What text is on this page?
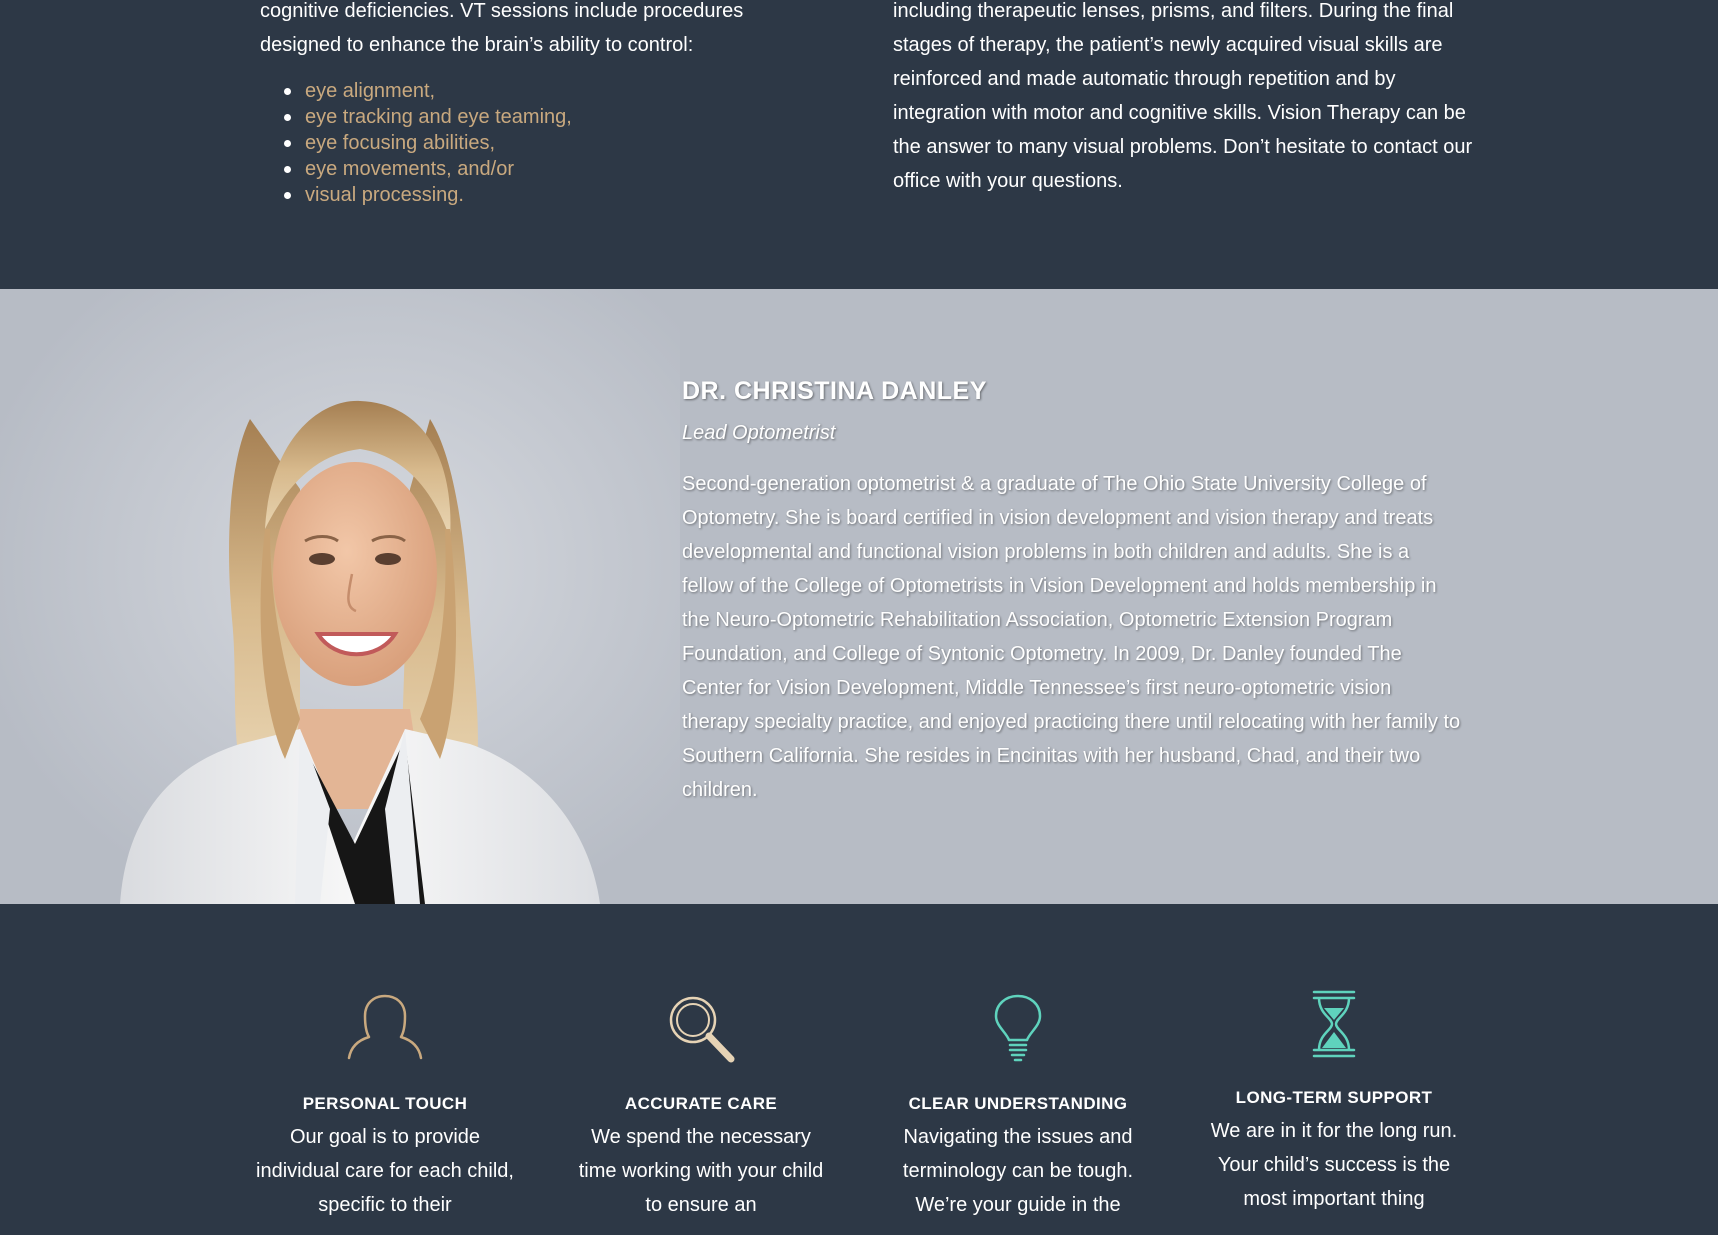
cognitive deficiencies. VT sessions include procedures designed to enhance the brain’s ability to control:

eye alignment,
eye tracking and eye teaming,
eye focusing abilities,
eye movements, and/or
visual processing.

including therapeutic lenses, prisms, and filters. During the final stages of therapy, the patient’s newly acquired visual skills are reinforced and made automatic through repetition and by integration with motor and cognitive skills. Vision Therapy can be the answer to many visual problems. Don’t hesitate to contact our office with your questions.

DR. CHRISTINA DANLEY

Lead Optometrist

Second-generation optometrist & a graduate of The Ohio State University College of Optometry. She is board certified in vision development and vision therapy and treats developmental and functional vision problems in both children and adults. She is a fellow of the College of Optometrists in Vision Development and holds membership in the Neuro-Optometric Rehabilitation Association, Optometric Extension Program Foundation, and College of Syntonic Optometry. In 2009, Dr. Danley founded The Center for Vision Development, Middle Tennessee’s first neuro-optometric vision therapy specialty practice, and enjoyed practicing there until relocating with her family to Southern California. She resides in Encinitas with her husband, Chad, and their two children.

PERSONAL TOUCH

Our goal is to provide individual care for each child, specific to their

ACCURATE CARE

We spend the necessary time working with your child to ensure an

CLEAR UNDERSTANDING

Navigating the issues and terminology can be tough. We’re your guide in the

LONG-TERM SUPPORT

We are in it for the long run. Your child’s success is the most important thing
